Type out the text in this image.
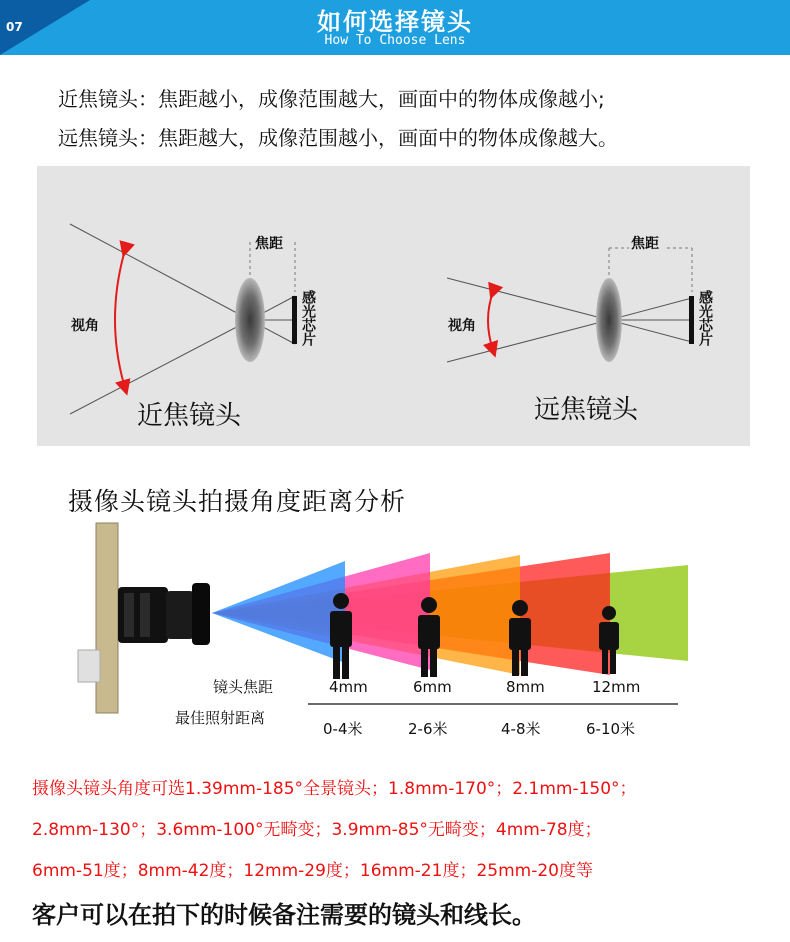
07	如何选择镜头
How To Choose Lens
近焦镜头：焦距越小，成像范围越大，画面中的物体成像越小;
远焦镜头：焦距越大，成像范围越小，画面中的物体成像越大。
焦距
视角
近焦镜头
感光芯片
焦距
视角
远焦镜头
感光芯片
摄像头镜头拍摄角度距离分析
镜头焦距
最佳照射距离
4mm	6mm	8mm	12mm
0-4米	2-6米	4-8米	6-10米
摄像头镜头角度可选1.39mm-185°全景镜头；1.8mm-170°；2.1mm-150°；
2.8mm-130°；3.6mm-100°无畸变；3.9mm-85°无畸变；4mm-78度；
6mm-51度；8mm-42度；12mm-29度；16mm-21度；25mm-20度等
客户可以在拍下的时候备注需要的镜头和线长。
